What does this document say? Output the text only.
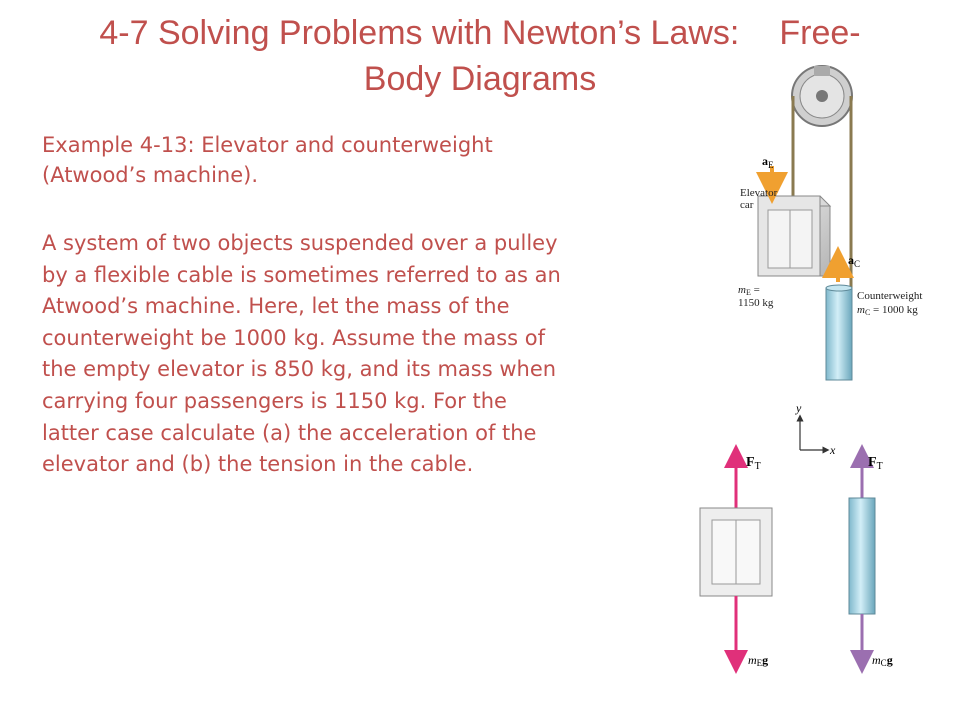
4-7 Solving Problems with Newton’s Laws: Free-
Body Diagrams
Example 4-13: Elevator and counterweight
(Atwood’s machine).
A system of two objects suspended over a pulley
by a flexible cable is sometimes referred to as an
Atwood’s machine. Here, let the mass of the
counterweight be 1000 kg. Assume the mass of
the empty elevator is 850 kg, and its mass when
carrying four passengers is 1150 kg. For the
latter case calculate (a) the acceleration of the
elevator and (b) the tension in the cable.
$a_E$
$a_C$
Elevator
car
mE =
1150 kg
Counterweight
mC = 1000 kg
y
x
$F_T$
mEg
$F_T$
mCg
